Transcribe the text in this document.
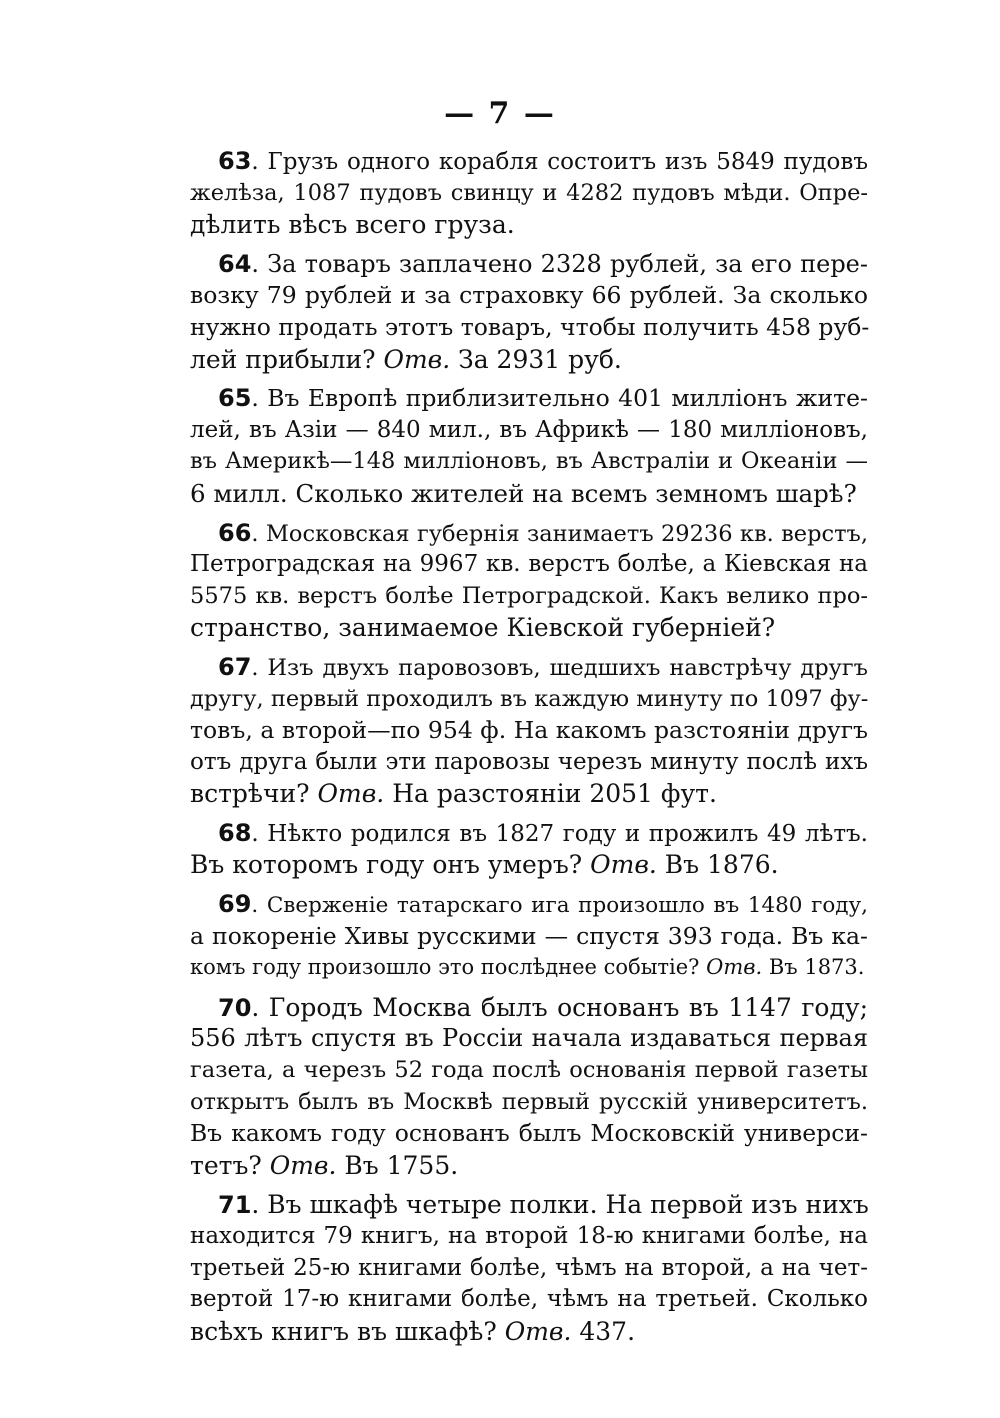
— 7 —
63. Грузъ одного корабля состоитъ изъ 5849 пудовъ
желѣза, 1087 пудовъ свинцу и 4282 пудовъ мѣди. Опре-
дѣлить вѣсъ всего груза.
64. За товаръ заплачено 2328 рублей, за его пере-
возку 79 рублей и за страховку 66 рублей. За сколько
нужно продать этотъ товаръ, чтобы получить 458 руб-
лей прибыли? Отв. За 2931 руб.
65. Въ Европѣ приблизительно 401 милліонъ жите-
лей, въ Азіи — 840 мил., въ Африкѣ — 180 милліоновъ,
въ Америкѣ—148 милліоновъ, въ Австраліи и Океаніи —
6 милл. Сколько жителей на всемъ земномъ шарѣ?
66. Московская губернія занимаетъ 29236 кв. верстъ,
Петроградская на 9967 кв. верстъ болѣе, а Кіевская на
5575 кв. верстъ болѣе Петроградской. Какъ велико про-
странство, занимаемое Кіевской губерніей?
67. Изъ двухъ паровозовъ, шедшихъ навстрѣчу другъ
другу, первый проходилъ въ каждую минуту по 1097 фу-
товъ, а второй—по 954 ф. На какомъ разстояніи другъ
отъ друга были эти паровозы черезъ минуту послѣ ихъ
встрѣчи? Отв. На разстояніи 2051 фут.
68. Нѣкто родился въ 1827 году и прожилъ 49 лѣтъ.
Въ которомъ году онъ умеръ? Отв. Въ 1876.
69. Сверженіе татарскаго ига произошло въ 1480 году,
а покореніе Хивы русскими — спустя 393 года. Въ ка-
комъ году произошло это послѣднее событіе? Отв. Въ 1873.
70. Городъ Москва былъ основанъ въ 1147 году;
556 лѣтъ спустя въ Россіи начала издаваться первая
газета, а черезъ 52 года послѣ основанія первой газеты
открытъ былъ въ Москвѣ первый русскій университетъ.
Въ какомъ году основанъ былъ Московскій универси-
тетъ? Отв. Въ 1755.
71. Въ шкафѣ четыре полки. На первой изъ нихъ
находится 79 книгъ, на второй 18-ю книгами болѣе, на
третьей 25-ю книгами болѣе, чѣмъ на второй, а на чет-
вертой 17-ю книгами болѣе, чѣмъ на третьей. Сколько
всѣхъ книгъ въ шкафѣ? Отв. 437.
